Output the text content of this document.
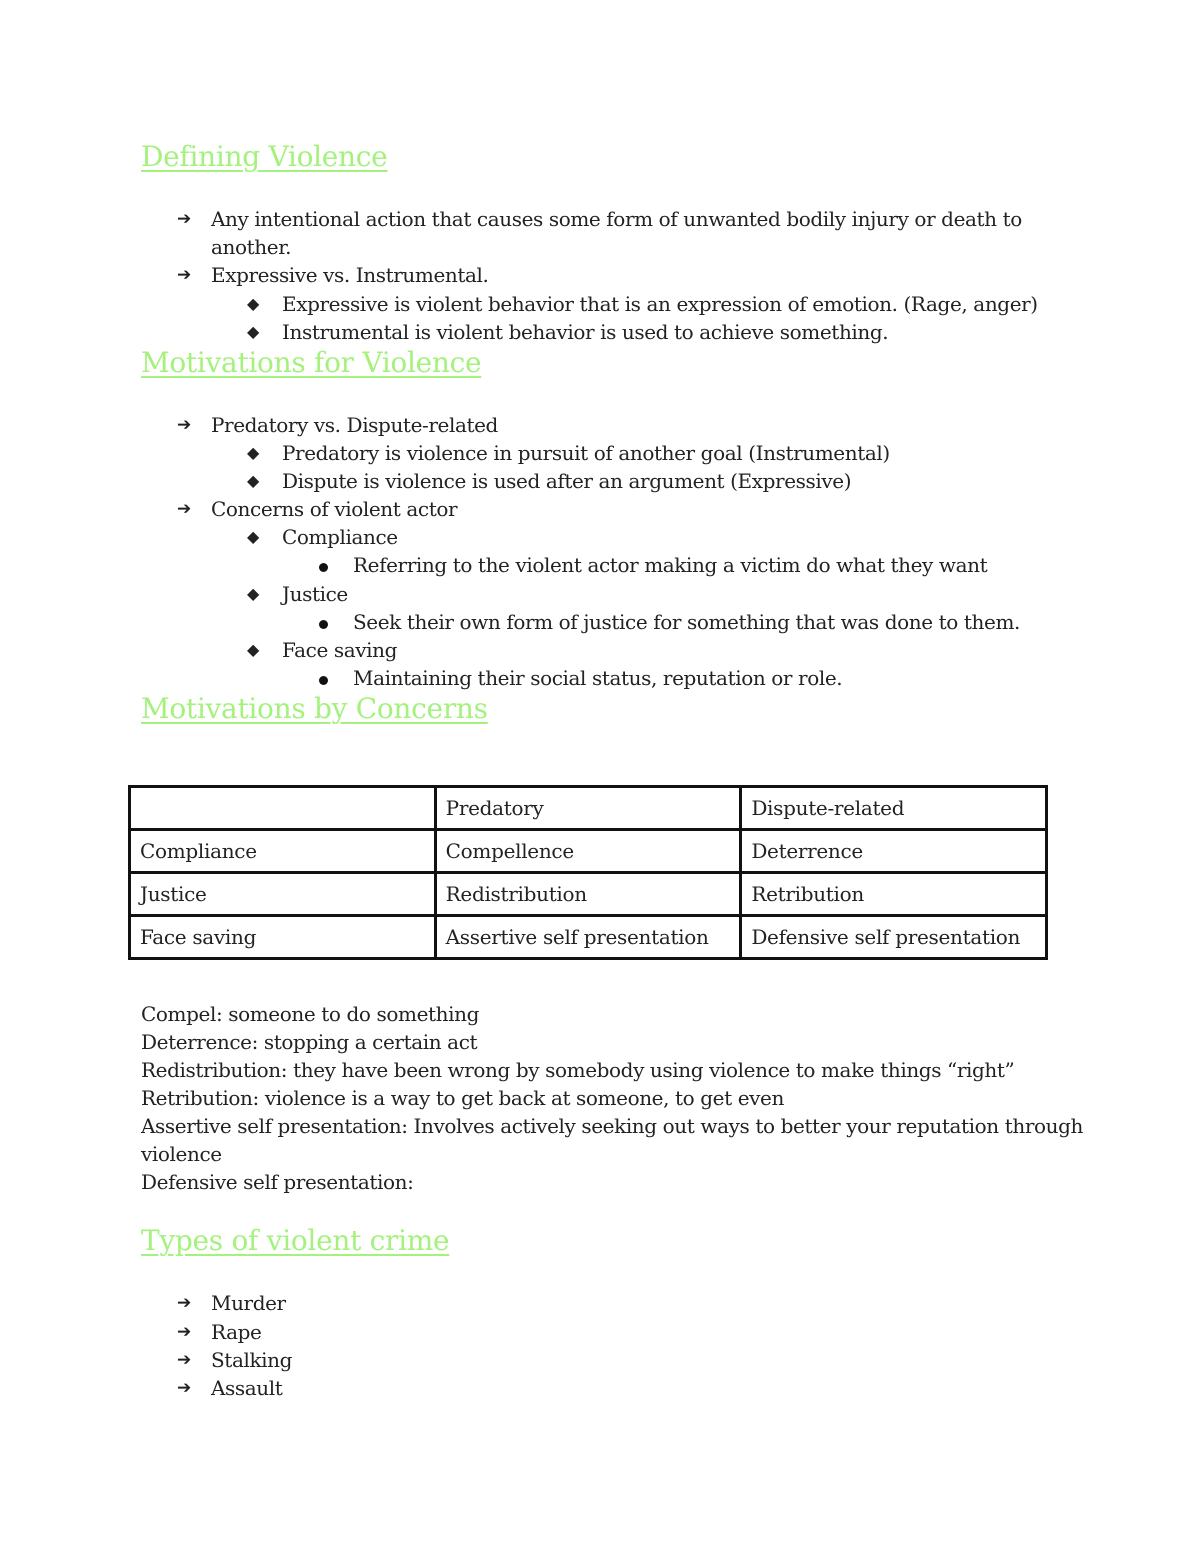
Defining Violence
➔ Any intentional action that causes some form of unwanted bodily injury or death to
another.
➔ Expressive vs. Instrumental.
◆ Expressive is violent behavior that is an expression of emotion. (Rage, anger)
◆ Instrumental is violent behavior is used to achieve something.
Motivations for Violence
➔ Predatory vs. Dispute-related
◆ Predatory is violence in pursuit of another goal (Instrumental)
◆ Dispute is violence is used after an argument (Expressive)
➔ Concerns of violent actor
◆ Compliance
Referring to the violent actor making a victim do what they want
◆ Justice
Seek their own form of justice for something that was done to them.
◆ Face saving
Maintaining their social status, reputation or role.
Motivations by Concerns
	Predatory	Dispute-related
Compliance	Compellence	Deterrence
Justice	Redistribution	Retribution
Face saving	Assertive self presentation	Defensive self presentation
Compel: someone to do something
Deterrence: stopping a certain act
Redistribution: they have been wrong by somebody using violence to make things “right”
Retribution: violence is a way to get back at someone, to get even
Assertive self presentation: Involves actively seeking out ways to better your reputation through
violence
Defensive self presentation:
Types of violent crime
➔ Murder
➔ Rape
➔ Stalking
➔ Assault
